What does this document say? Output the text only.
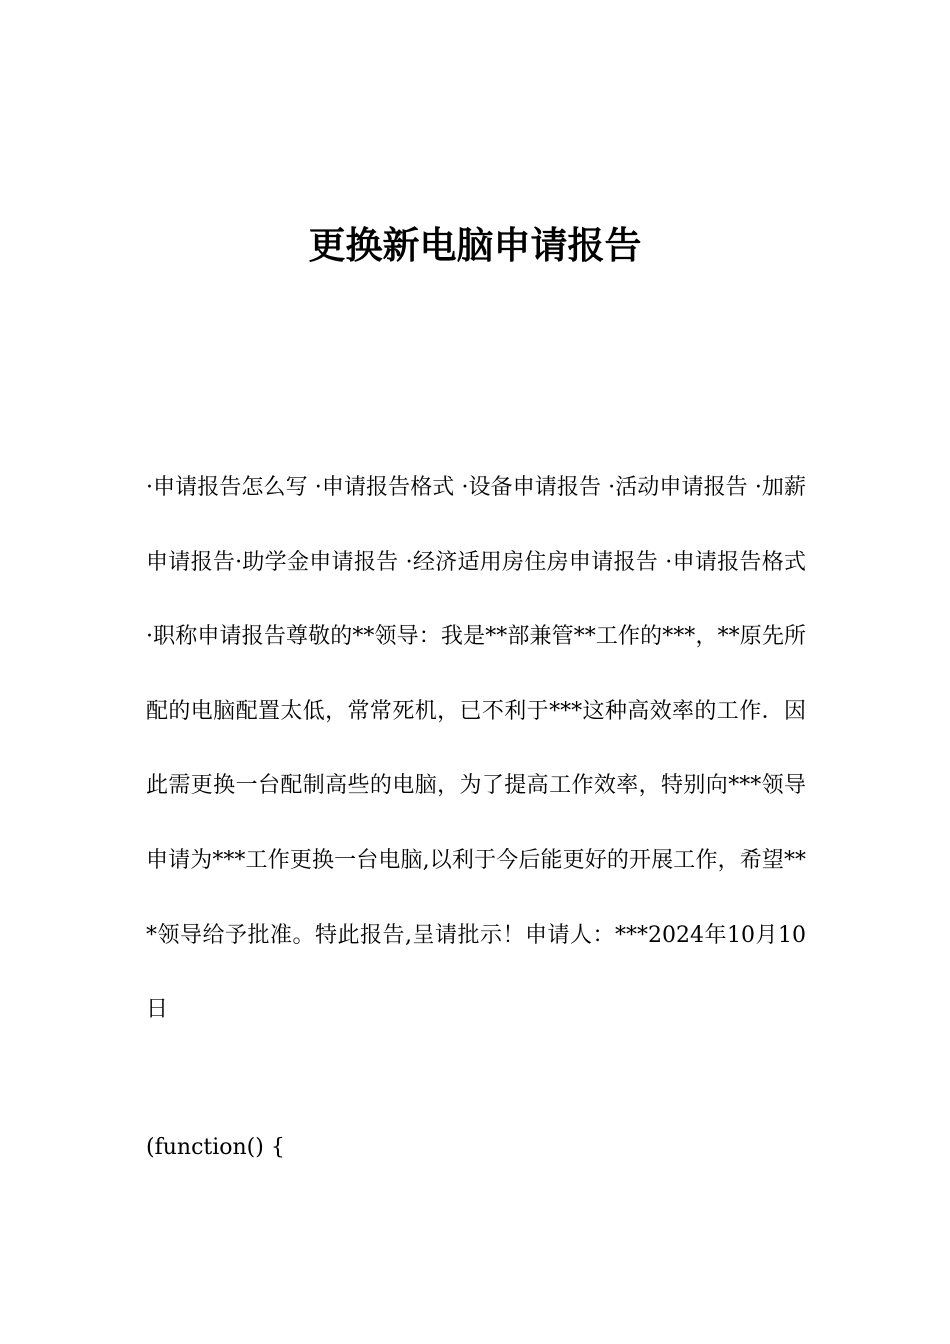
更换新电脑申请报告

·申请报告怎么写 ·申请报告格式 ·设备申请报告 ·活动申请报告 ·加薪申请报告·助学金申请报告 ·经济适用房住房申请报告 ·申请报告格式 ·职称申请报告尊敬的**领导：我是**部兼管**工作的***，**原先所配的电脑配置太低，常常死机，已不利于***这种高效率的工作．因此需更换一台配制高些的电脑，为了提高工作效率，特别向***领导申请为***工作更换一台电脑,以利于今后能更好的开展工作，希望***领导给予批准。特此报告,呈请批示！申请人：***2024年10月10日

(function() {
